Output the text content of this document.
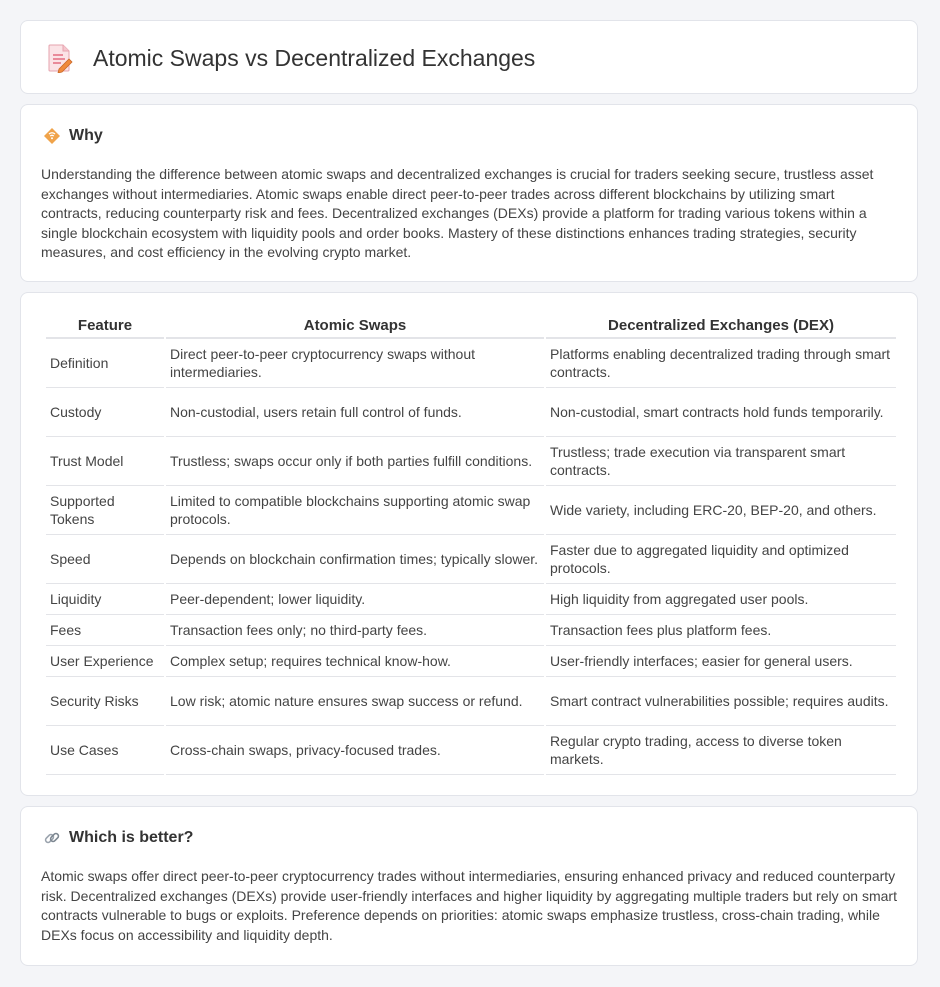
Atomic Swaps vs Decentralized Exchanges
Why

Understanding the difference between atomic swaps and decentralized exchanges is crucial for traders seeking secure, trustless asset exchanges without intermediaries. Atomic swaps enable direct peer-to-peer trades across different blockchains by utilizing smart contracts, reducing counterparty risk and fees. Decentralized exchanges (DEXs) provide a platform for trading various tokens within a single blockchain ecosystem with liquidity pools and order books. Mastery of these distinctions enhances trading strategies, security measures, and cost efficiency in the evolving crypto market.

Feature	Atomic Swaps	Decentralized Exchanges (DEX)
Definition	Direct peer-to-peer cryptocurrency swaps without intermediaries.	Platforms enabling decentralized trading through smart contracts.
Custody	Non-custodial, users retain full control of funds.	Non-custodial, smart contracts hold funds temporarily.
Trust Model	Trustless; swaps occur only if both parties fulfill conditions.	Trustless; trade execution via transparent smart contracts.
Supported Tokens	Limited to compatible blockchains supporting atomic swap protocols.	Wide variety, including ERC-20, BEP-20, and others.
Speed	Depends on blockchain confirmation times; typically slower.	Faster due to aggregated liquidity and optimized protocols.
Liquidity	Peer-dependent; lower liquidity.	High liquidity from aggregated user pools.
Fees	Transaction fees only; no third-party fees.	Transaction fees plus platform fees.
User Experience	Complex setup; requires technical know-how.	User-friendly interfaces; easier for general users.
Security Risks	Low risk; atomic nature ensures swap success or refund.	Smart contract vulnerabilities possible; requires audits.
Use Cases	Cross-chain swaps, privacy-focused trades.	Regular crypto trading, access to diverse token markets.
Which is better?

Atomic swaps offer direct peer-to-peer cryptocurrency trades without intermediaries, ensuring enhanced privacy and reduced counterparty risk. Decentralized exchanges (DEXs) provide user-friendly interfaces and higher liquidity by aggregating multiple traders but rely on smart contracts vulnerable to bugs or exploits. Preference depends on priorities: atomic swaps emphasize trustless, cross-chain trading, while DEXs focus on accessibility and liquidity depth.
